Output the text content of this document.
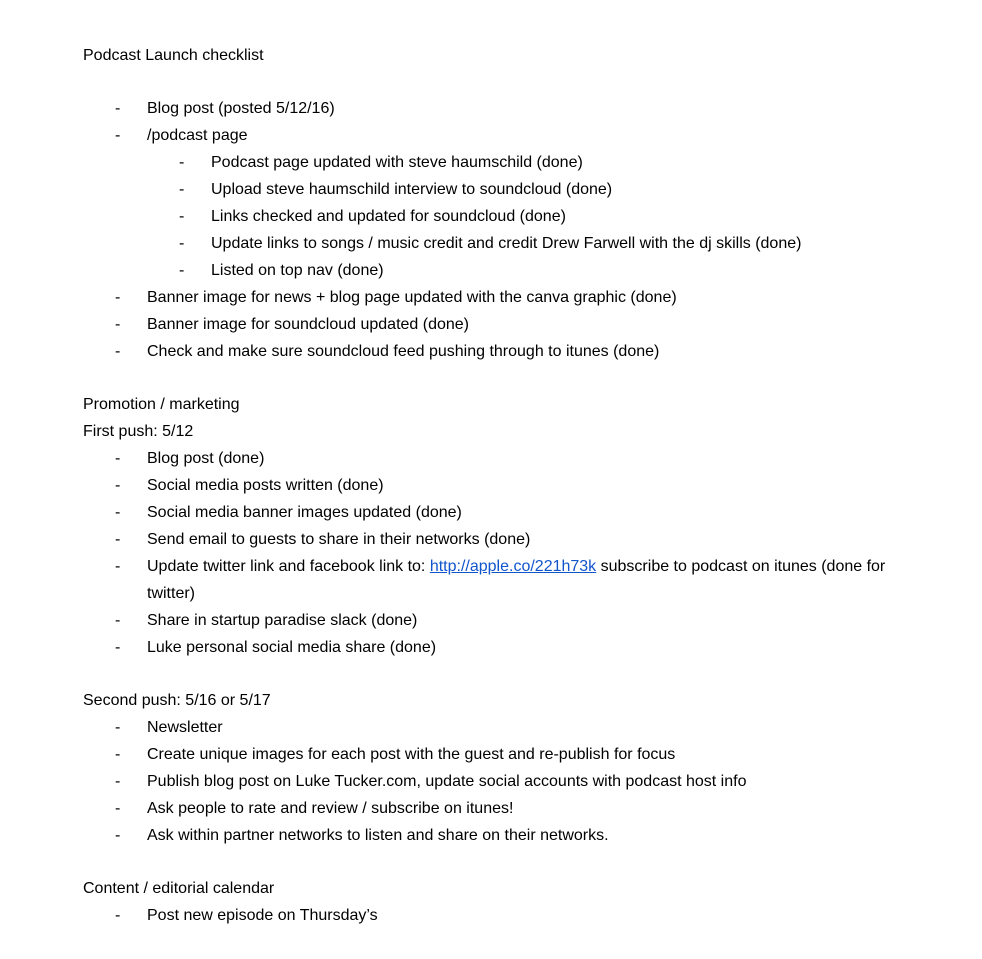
Podcast Launch checklist

-	Blog post (posted 5/12/16)
-	/podcast page
-	Podcast page updated with steve haumschild (done)
-	Upload steve haumschild interview to soundcloud (done)
-	Links checked and updated for soundcloud (done)
-	Update links to songs / music credit and credit Drew Farwell with the dj skills (done)
-	Listed on top nav (done)
-	Banner image for news + blog page updated with the canva graphic (done)
-	Banner image for soundcloud updated (done)
-	Check and make sure soundcloud feed pushing through to itunes (done)

Promotion / marketing

First push: 5/12

-	Blog post (done)
-	Social media posts written (done)
-	Social media banner images updated (done)
-	Send email to guests to share in their networks (done)
-	Update twitter link and facebook link to: http://apple.co/221h73k subscribe to podcast on itunes (done for twitter)
-	Share in startup paradise slack (done)
-	Luke personal social media share (done)

Second push: 5/16 or 5/17

-	Newsletter
-	Create unique images for each post with the guest and re-publish for focus
-	Publish blog post on Luke Tucker.com, update social accounts with podcast host info
-	Ask people to rate and review / subscribe on itunes!
-	Ask within partner networks to listen and share on their networks.

Content / editorial calendar

-	Post new episode on Thursday’s
